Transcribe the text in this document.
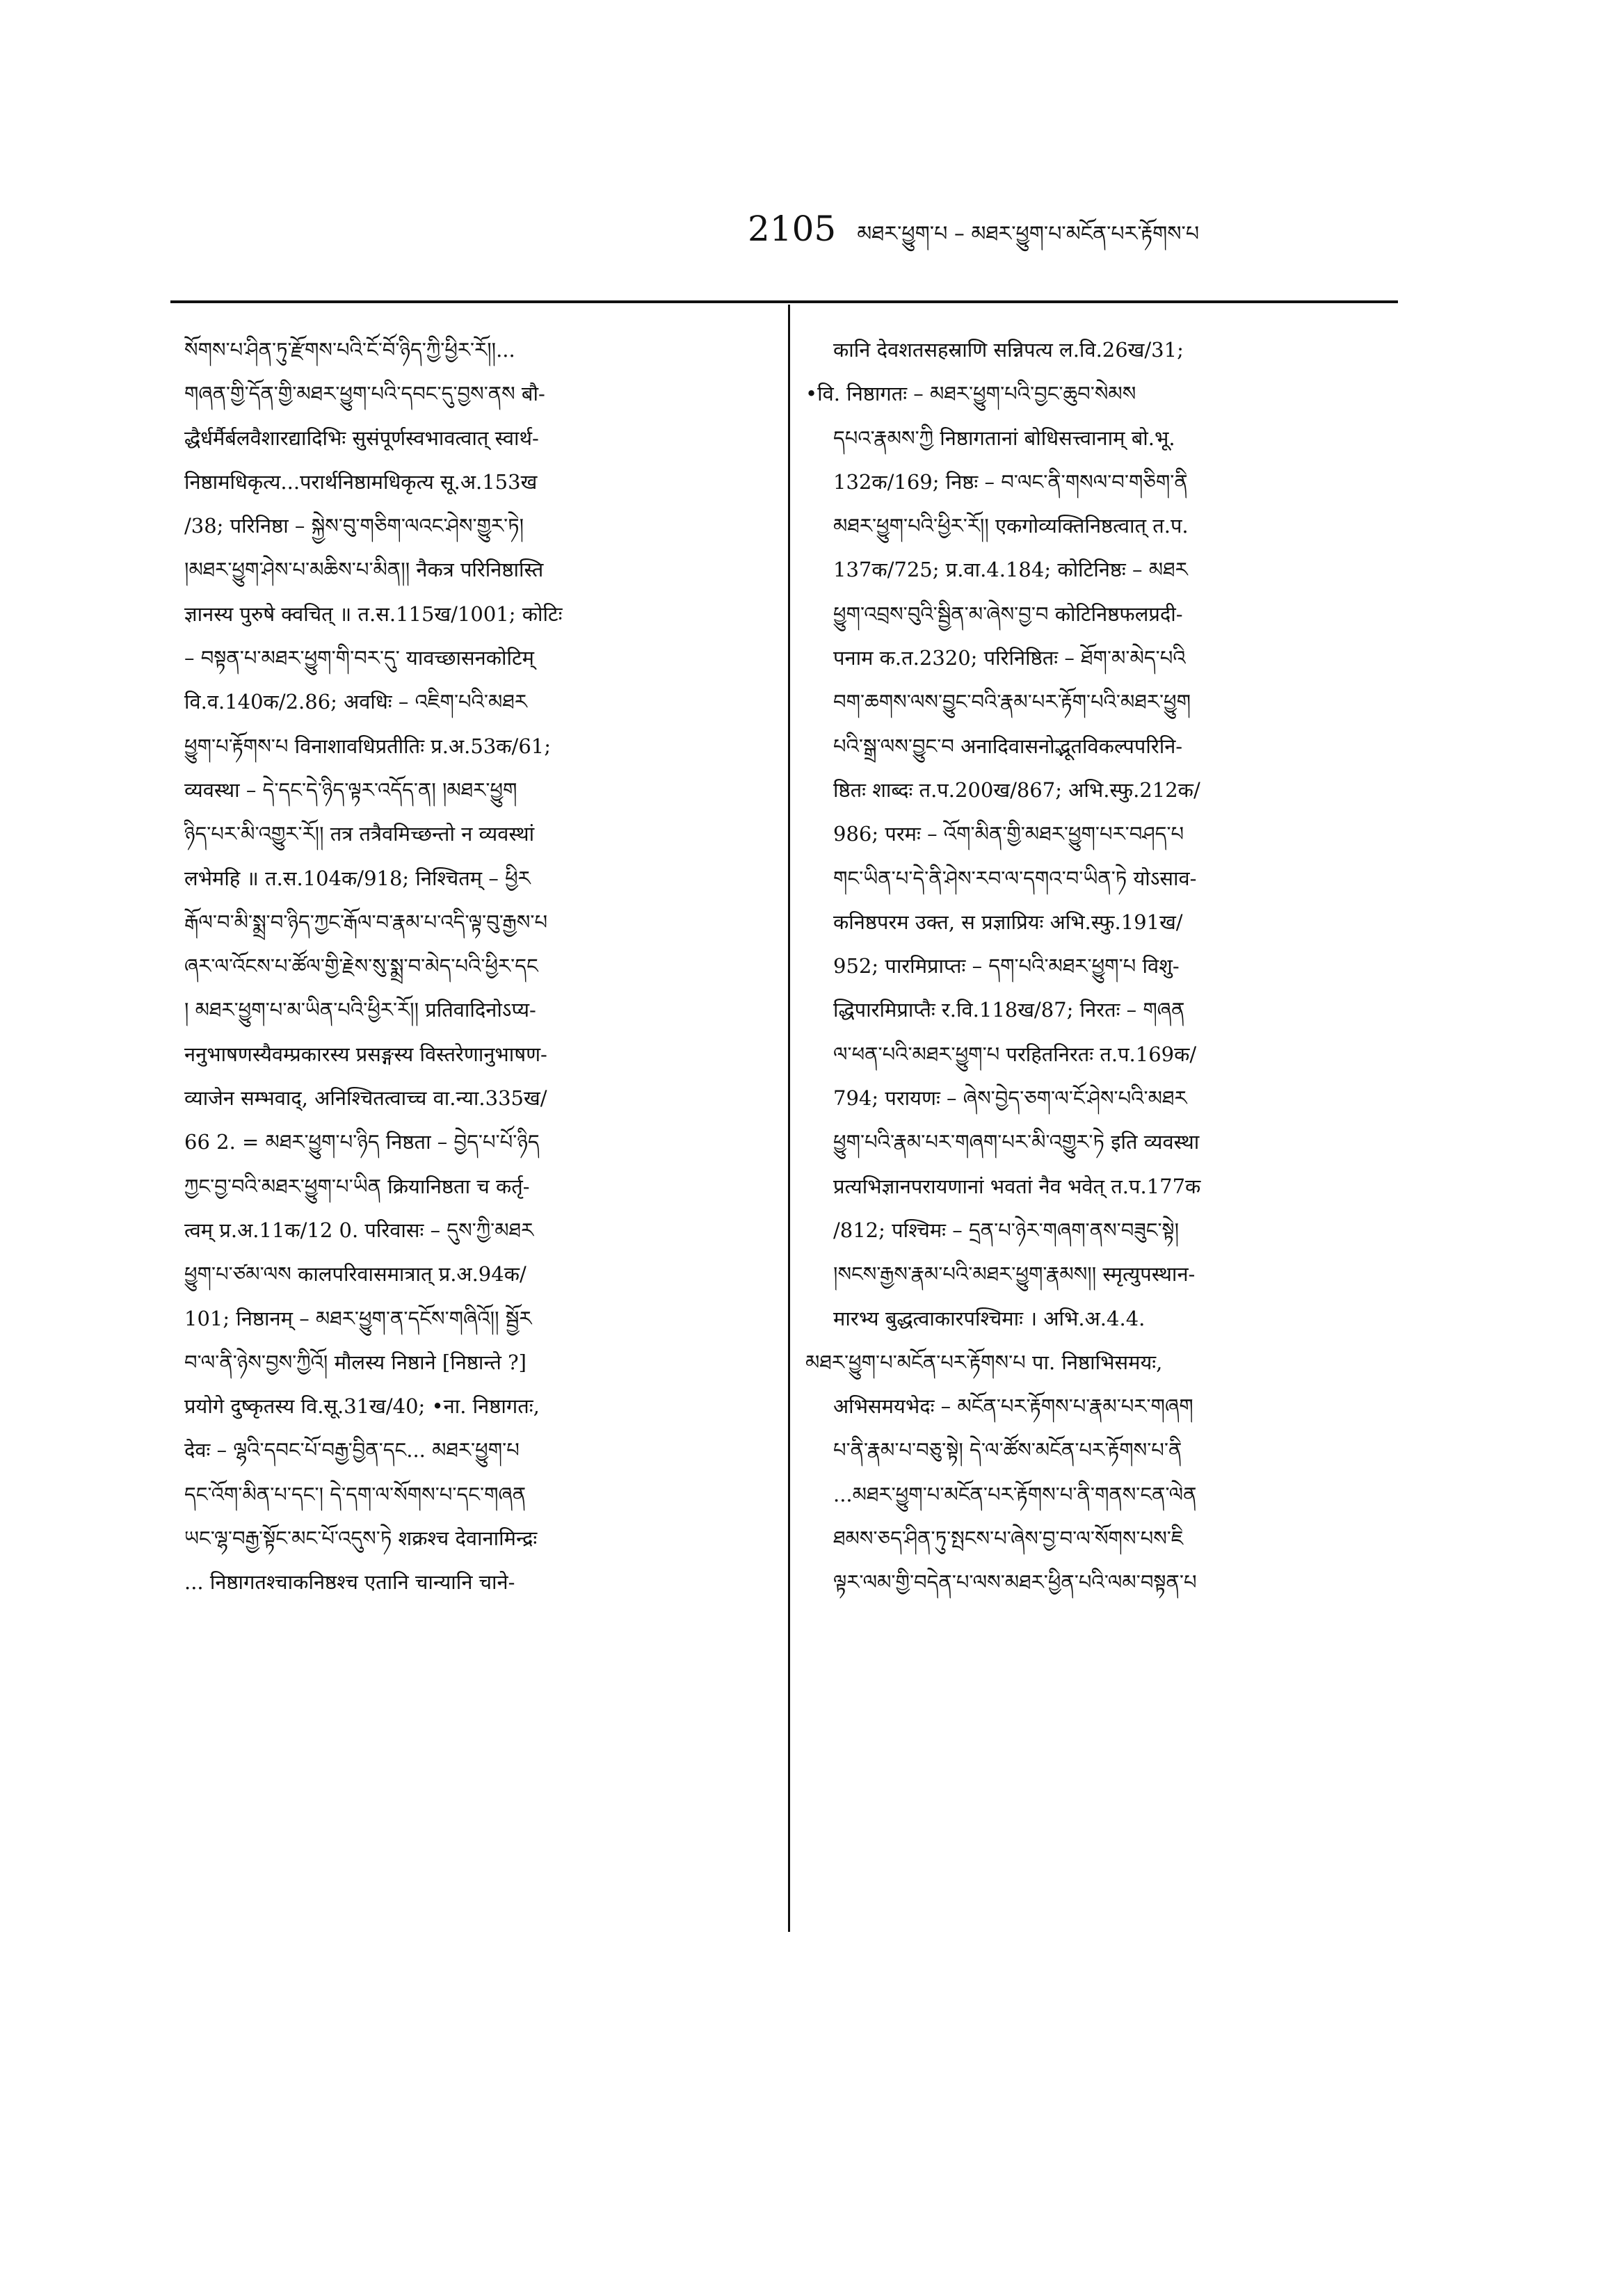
2105 མཐར་ཕྱུག་པ – མཐར་ཕྱུག་པ་མངོན་པར་རྟོགས་པ
སོགས་པ་ཤིན་ཏུ་རྫོགས་པའི་ངོ་བོ་ཉིད་ཀྱི་ཕྱིར་རོ།།...
གཞན་གྱི་དོན་གྱི་མཐར་ཕྱུག་པའི་དབང་དུ་བྱས་ནས बौ-
द्धैर्धर्मैर्बलवैशारद्यादिभिः सुसंपूर्णस्वभावत्वात् स्वार्थ-
निष्ठामधिकृत्य...परार्थनिष्ठामधिकृत्य सू.अ.153ख
/38; परिनिष्ठा – སྐྱེས་བུ་གཅིག་ལའང་ཤེས་གྱུར་ཏེ།
།མཐར་ཕྱུག་ཤེས་པ་མཆིས་པ་མིན།། नैकत्र परिनिष्ठास्ति
ज्ञानस्य पुरुषे क्वचित् ॥ त.स.115ख/1001; कोटिः
– བསྟན་པ་མཐར་ཕྱུག་གི་བར་དུ་ यावच्छासनकोटिम्
वि.व.140क/2.86; अवधिः – འཇིག་པའི་མཐར
ཕྱུག་པ་རྟོགས་པ विनाशावधिप्रतीतिः प्र.अ.53क/61;
व्यवस्था – དེ་དང་དེ་ཉིད་ལྟར་འདོད་ན། །མཐར་ཕྱུག
ཉིད་པར་མི་འགྱུར་རོ།། तत्र तत्रैवमिच्छन्तो न व्यवस्थां
लभेमहि ॥ त.स.104क/918; निश्चितम् – ཕྱིར
རྒོལ་བ་མི་སྨྲ་བ་ཉིད་ཀྱང་རྒོལ་བ་རྣམ་པ་འདི་ལྟ་བུ་རྒྱས་པ
ཞར་ལ་འོངས་པ་ཚོལ་གྱི་རྗེས་སུ་སྨྲ་བ་མེད་པའི་ཕྱིར་དང
། མཐར་ཕྱུག་པ་མ་ཡིན་པའི་ཕྱིར་རོ།། प्रतिवादिनोऽप्य-
ननुभाषणस्यैवम्प्रकारस्य प्रसङ्गस्य विस्तरेणानुभाषण-
व्याजेन सम्भवाद्, अनिश्चितत्वाच्च वा.न्या.335ख/
66 2. = མཐར་ཕྱུག་པ་ཉིད निष्ठता – བྱེད་པ་པོ་ཉིད
ཀྱང་བྱ་བའི་མཐར་ཕྱུག་པ་ཡིན क्रियानिष्ठता च कर्तृ-
त्वम् प्र.अ.11क/12 0. परिवासः – དུས་ཀྱི་མཐར
ཕྱུག་པ་ཙམ་ལས कालपरिवासमात्रात् प्र.अ.94क/
101; निष्ठानम् – མཐར་ཕྱུག་ན་དངོས་གཞིའོ།། སྦྱོར
བ་ལ་ནི་ཉེས་བྱས་ཀྱིའོ། मौलस्य निष्ठाने [निष्ठान्ते ?]
प्रयोगे दुष्कृतस्य वि.सू.31ख/40; •ना. निष्ठागतः,
देवः – ལྷའི་དབང་པོ་བརྒྱ་བྱིན་དང... མཐར་ཕྱུག་པ
དང་འོག་མིན་པ་དང་། དེ་དག་ལ་སོགས་པ་དང་གཞན
ཡང་ལྷ་བརྒྱ་སྟོང་མང་པོ་འདུས་ཏེ शक्रश्च देवानामिन्द्रः
... निष्ठागतश्चाकनिष्ठश्च एतानि चान्यानि चाने-
कानि देवशतसहस्राणि सन्निपत्य ल.वि.26ख/31;
•वि. निष्ठागतः – མཐར་ཕྱུག་པའི་བྱང་ཆུབ་སེམས
དཔའ་རྣམས་ཀྱི निष्ठागतानां बोधिसत्त्वानाम् बो.भू.
132क/169; निष्ठः – བ་ལང་ནི་གསལ་བ་གཅིག་ནི
མཐར་ཕྱུག་པའི་ཕྱིར་རོ།། एकगोव्यक्तिनिष्ठत्वात् त.प.
137क/725; प्र.वा.4.184; कोटिनिष्ठः – མཐར
ཕྱུག་འབྲས་བུའི་སྦྱིན་མ་ཞེས་བྱ་བ कोटिनिष्ठफलप्रदी-
पनाम क.त.2320; परिनिष्ठितः – ཐོག་མ་མེད་པའི
བག་ཆགས་ལས་བྱུང་བའི་རྣམ་པར་རྟོག་པའི་མཐར་ཕྱུག
པའི་སྒྲ་ལས་བྱུང་བ अनादिवासनोद्भूतविकल्पपरिनि-
ष्ठितः शाब्दः त.प.200ख/867; अभि.स्फु.212क/
986; परमः – འོག་མིན་གྱི་མཐར་ཕྱུག་པར་བཤད་པ
གང་ཡིན་པ་དེ་ནི་ཤེས་རབ་ལ་དགའ་བ་ཡིན་ཏེ योऽसाव-
कनिष्ठपरम उक्त, स प्रज्ञाप्रियः अभि.स्फु.191ख/
952; पारमिप्राप्तः – དག་པའི་མཐར་ཕྱུག་པ विशु-
द्धिपारमिप्राप्तैः र.वि.118ख/87; निरतः – གཞན
ལ་ཕན་པའི་མཐར་ཕྱུག་པ परहितनिरतः त.प.169क/
794; परायणः – ཞེས་བྱེད་ཅག་ལ་ངོ་ཤེས་པའི་མཐར
ཕྱུག་པའི་རྣམ་པར་གཞག་པར་མི་འགྱུར་ཏེ इति व्यवस्था
प्रत्यभिज्ञानपरायणानां भवतां नैव भवेत् त.प.177क
/812; पश्चिमः – དྲན་པ་ཉེར་གཞག་ནས་བཟུང་སྟེ།
།སངས་རྒྱས་རྣམ་པའི་མཐར་ཕྱུག་རྣམས།། स्मृत्युपस्थान-
मारभ्य बुद्धत्वाकारपश्चिमाः । अभि.अ.4.4.
མཐར་ཕྱུག་པ་མངོན་པར་རྟོགས་པ पा. निष्ठाभिसमयः,
अभिसमयभेदः – མངོན་པར་རྟོགས་པ་རྣམ་པར་གཞག
པ་ནི་རྣམ་པ་བཅུ་སྟེ། དེ་ལ་ཚོས་མངོན་པར་རྟོགས་པ་ནི
...མཐར་ཕྱུག་པ་མངོན་པར་རྟོགས་པ་ནི་གནས་ངན་ལེན
ཐམས་ཅད་ཤིན་ཏུ་སྤངས་པ་ཞེས་བྱ་བ་ལ་སོགས་པས་ཇི
ལྟར་ལམ་གྱི་བདེན་པ་ལས་མཐར་ཕྱིན་པའི་ལམ་བསྟན་པ
